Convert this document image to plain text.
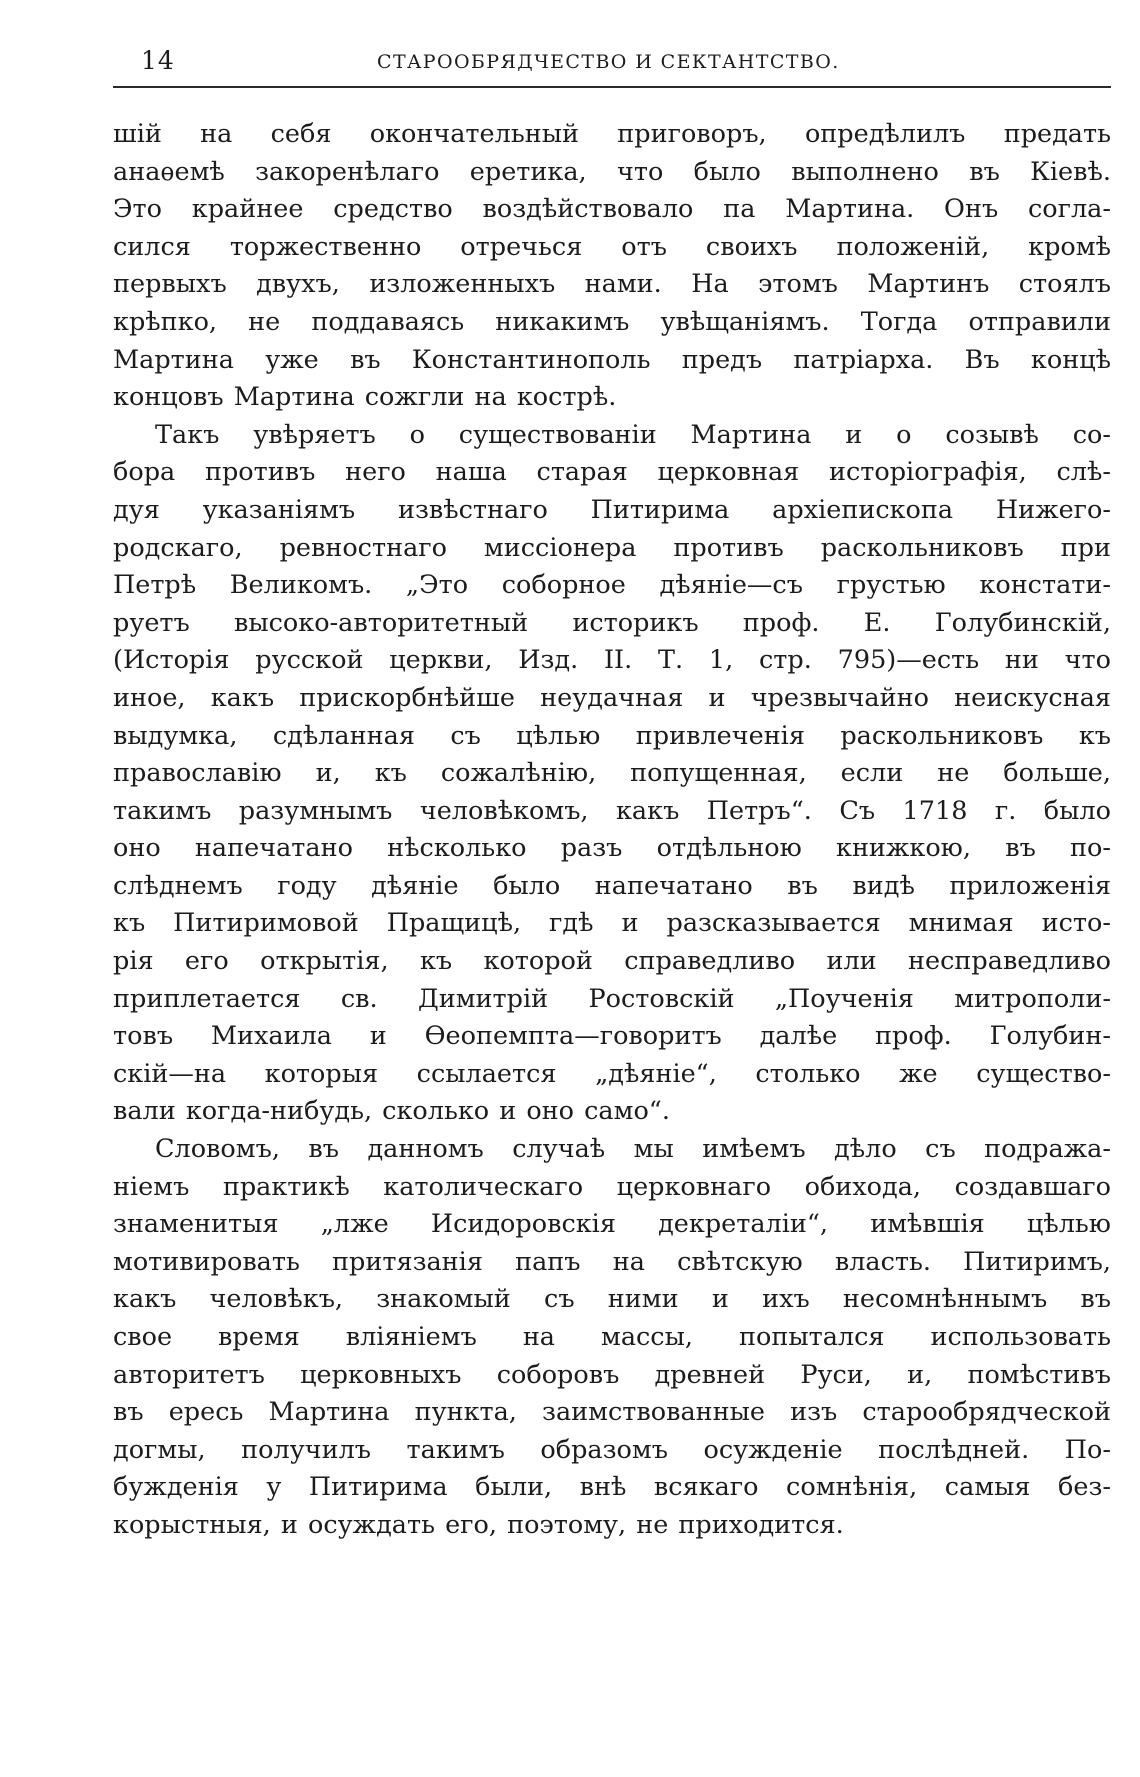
14	СТАРООБРЯДЧЕСТВО И СЕКТАНТСТВО.
шій на себя окончательный приговоръ, опредѣлилъ предать
анаѳемѣ закоренѣлаго еретика, что было выполнено въ Кіевѣ.
Это крайнее средство воздѣйствовало па Мартина. Онъ согла-
сился торжественно отречься отъ своихъ положеній, кромѣ
первыхъ двухъ, изложенныхъ нами. На этомъ Мартинъ стоялъ
крѣпко, не поддаваясь никакимъ увѣщаніямъ. Тогда отправили
Мартина уже въ Константинополь предъ патріарха. Въ концѣ
концовъ Мартина сожгли на кострѣ.
Такъ увѣряетъ о существованіи Мартина и о созывѣ со-
бора противъ него наша старая церковная исторіографія, слѣ-
дуя указаніямъ извѣстнаго Питирима архіепископа Нижего-
родскаго, ревностнаго миссіонера противъ раскольниковъ при
Петрѣ Великомъ. „Это соборное дѣяніе—съ грустью констати-
руетъ высоко-авторитетный историкъ проф. Е. Голубинскій,
(Исторія русской церкви, Изд. II. Т. 1, стр. 795)—есть ни что
иное, какъ прискорбнѣйше неудачная и чрезвычайно неискусная
выдумка, сдѣланная съ цѣлью привлеченія раскольниковъ къ
православію и, къ сожалѣнію, попущенная, если не больше,
такимъ разумнымъ человѣкомъ, какъ Петръ“. Съ 1718 г. было
оно напечатано нѣсколько разъ отдѣльною книжкою, въ по-
слѣднемъ году дѣяніе было напечатано въ видѣ приложенія
къ Питиримовой Пращицѣ, гдѣ и разсказывается мнимая исто-
рія его открытія, къ которой справедливо или несправедливо
приплетается св. Димитрій Ростовскій „Поученія митрополи-
товъ Михаила и Ѳеопемпта—говоритъ далѣе проф. Голубин-
скій—на которыя ссылается „дѣяніе“, столько же существо-
вали когда-нибудь, сколько и оно само“.
Словомъ, въ данномъ случаѣ мы имѣемъ дѣло съ подража-
ніемъ практикѣ католическаго церковнаго обихода, создавшаго
знаменитыя „лже Исидоровскія декреталіи“, имѣвшія цѣлью
мотивировать притязанія папъ на свѣтскую власть. Питиримъ,
какъ человѣкъ, знакомый съ ними и ихъ несомнѣннымъ въ
свое время вліяніемъ на массы, попытался использовать
авторитетъ церковныхъ соборовъ древней Руси, и, помѣстивъ
въ ересь Мартина пункта, заимствованные изъ старообрядческой
догмы, получилъ такимъ образомъ осужденіе послѣдней. По-
бужденія у Питирима были, внѣ всякаго сомнѣнія, самыя без-
корыстныя, и осуждать его, поэтому, не приходится.
